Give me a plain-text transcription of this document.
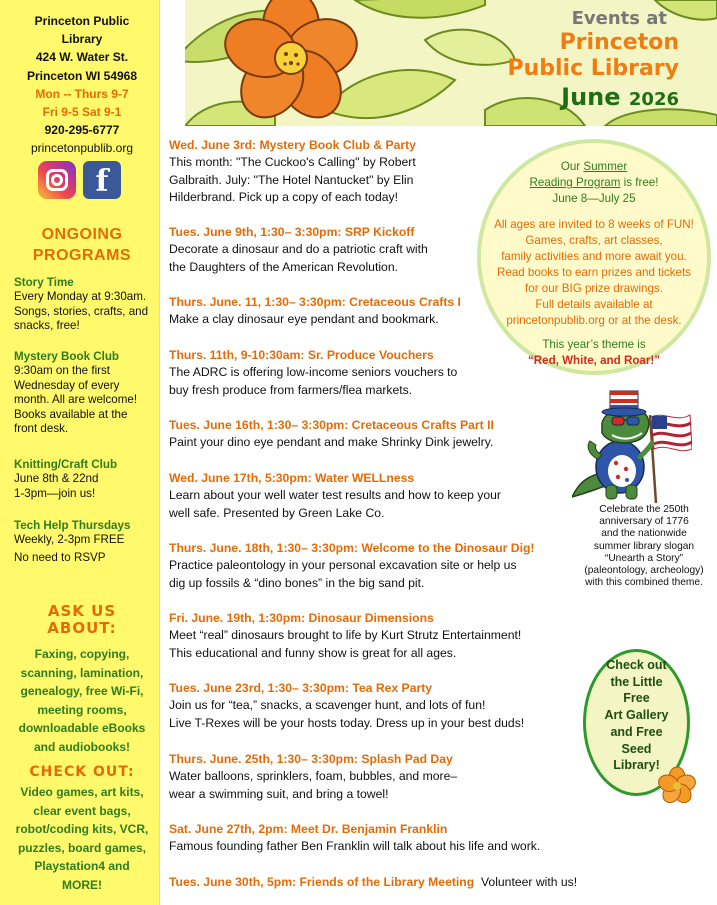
Princeton Public
Library
424 W. Water St.
Princeton WI 54968
Mon -- Thurs 9-7
Fri 9-5 Sat 9-1
920-295-6777
princetonpublib.org
f
ONGOING
PROGRAMS
Story Time
Every Monday at 9:30am.
Songs, stories, crafts, and
snacks, free!
Mystery Book Club
9:30am on the first
Wednesday of every
month. All are welcome!
Books available at the
front desk.
Knitting/Craft Club
June 8th & 22nd
1-3pm—join us!
Tech Help Thursdays
Weekly, 2-3pm FREE
No need to RSVP
ASK US
ABOUT:
Faxing, copying,
scanning, lamination,
genealogy, free Wi-Fi,
meeting rooms,
downloadable eBooks
and audiobooks!
CHECK OUT:
Video games, art kits,
clear event bags,
robot/coding kits, VCR,
puzzles, board games,
Playstation4 and
MORE!
Events at
Princeton
Public Library
June 2026
Wed. June 3rd: Mystery Book Club & Party
This month: "The Cuckoo's Calling" by Robert
Galbraith. July: "The Hotel Nantucket" by Elin
Hilderbrand. Pick up a copy of each today!
Tues. June 9th, 1:30– 3:30pm: SRP Kickoff
Decorate a dinosaur and do a patriotic craft with
the Daughters of the American Revolution.
Thurs. June. 11, 1:30– 3:30pm: Cretaceous Crafts I
Make a clay dinosaur eye pendant and bookmark.
Thurs. 11th, 9-10:30am: Sr. Produce Vouchers
The ADRC is offering low-income seniors vouchers to
buy fresh produce from farmers/flea markets.
Tues. June 16th, 1:30– 3:30pm: Cretaceous Crafts Part II
Paint your dino eye pendant and make Shrinky Dink jewelry.
Wed. June 17th, 5:30pm: Water WELLness
Learn about your well water test results and how to keep your
well safe. Presented by Green Lake Co.
Thurs. June. 18th, 1:30– 3:30pm: Welcome to the Dinosaur Dig!
Practice paleontology in your personal excavation site or help us
dig up fossils & “dino bones” in the big sand pit.
Fri. June. 19th, 1:30pm: Dinosaur Dimensions
Meet “real” dinosaurs brought to life by Kurt Strutz Entertainment!
This educational and funny show is great for all ages.
Tues. June 23rd, 1:30– 3:30pm: Tea Rex Party
Join us for “tea,” snacks, a scavenger hunt, and lots of fun!
Live T-Rexes will be your hosts today. Dress up in your best duds!
Thurs. June. 25th, 1:30– 3:30pm: Splash Pad Day
Water balloons, sprinklers, foam, bubbles, and more–
wear a swimming suit, and bring a towel!
Sat. June 27th, 2pm: Meet Dr. Benjamin Franklin
Famous founding father Ben Franklin will talk about his life and work.
Tues. June 30th, 5pm: Friends of the Library Meeting  Volunteer with us!
Our Summer
Reading Program is free!
June 8—July 25
All ages are invited to 8 weeks of FUN!
Games, crafts, art classes,
family activities and more await you.
Read books to earn prizes and tickets
for our BIG prize drawings.
Full details available at
princetonpublib.org or at the desk.
This year’s theme is
“Red, White, and Roar!”
Celebrate the 250th
anniversary of 1776
and the nationwide
summer library slogan
“Unearth a Story”
(paleontology, archeology)
with this combined theme.
Check out
the Little
Free
Art Gallery
and Free
Seed
Library!
